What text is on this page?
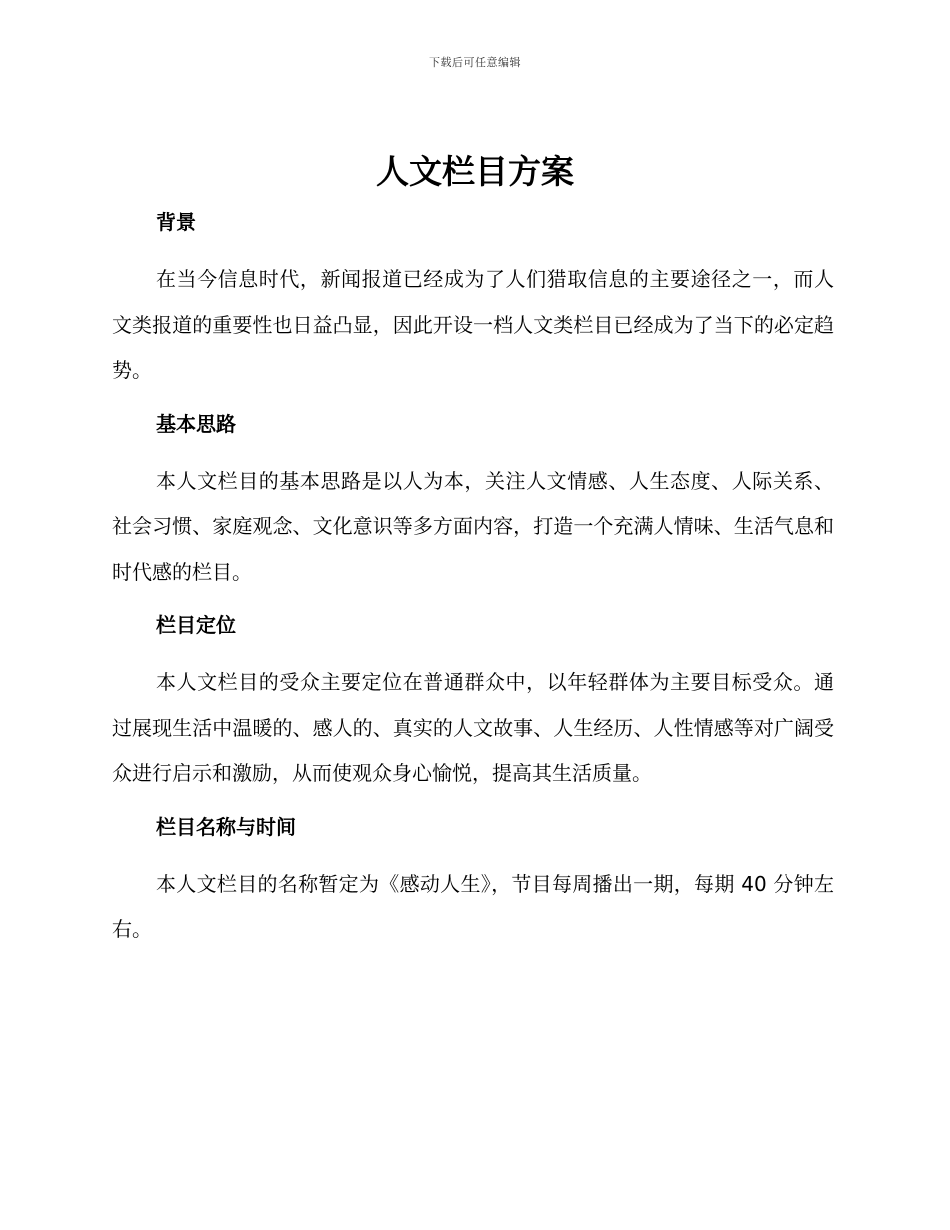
下载后可任意编辑
人文栏目方案
背景

在当今信息时代，新闻报道已经成为了人们猎取信息的主要途径之一，而人文类报道的重要性也日益凸显，因此开设一档人文类栏目已经成为了当下的必定趋势。

基本思路

本人文栏目的基本思路是以人为本，关注人文情感、人生态度、人际关系、社会习惯、家庭观念、文化意识等多方面内容，打造一个充满人情味、生活气息和时代感的栏目。

栏目定位

本人文栏目的受众主要定位在普通群众中，以年轻群体为主要目标受众。通过展现生活中温暖的、感人的、真实的人文故事、人生经历、人性情感等对广阔受众进行启示和激励，从而使观众身心愉悦，提高其生活质量。

栏目名称与时间

本人文栏目的名称暂定为《感动人生》，节目每周播出一期，每期 40 分钟左右。
